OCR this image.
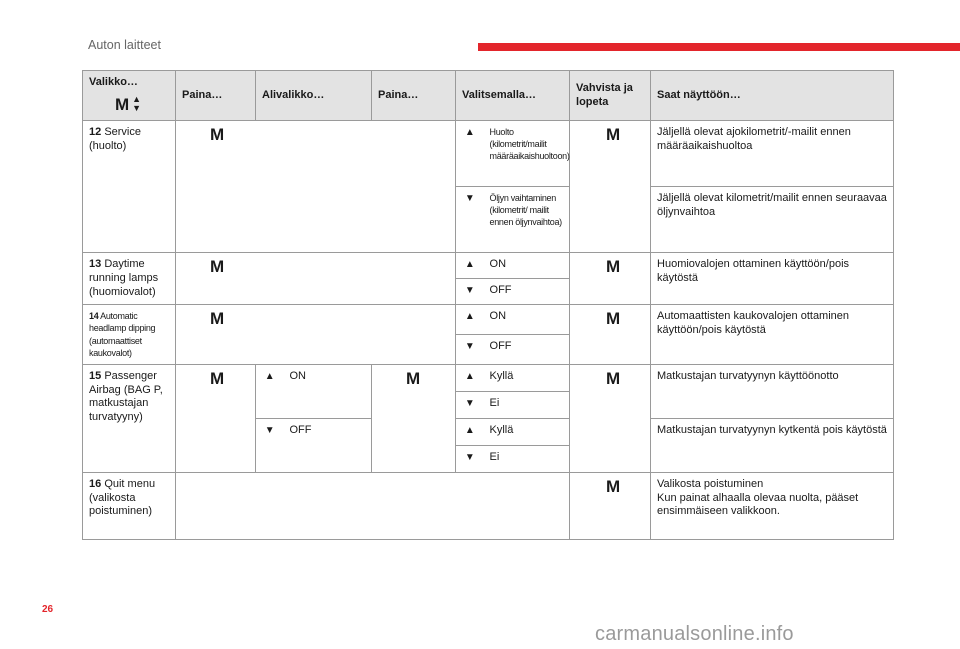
Auton laitteet
Valikko…
M ▲
▼	Paina…	Alivalikko…		Paina…	Valitsemalla…		Vahvista ja lopeta	Saat näyttöön…
12 Service (huolto)	M				▲	Huolto (kilometrit/mailit määräaikaishuoltoon)	M	Jäljellä olevat ajokilometrit/-mailit ennen määräaikaishuoltoa
					▼	Öljyn vaihtaminen (kilometrit/ mailit ennen öljynvaihtoa)		Jäljellä olevat kilometrit/mailit ennen seuraavaa öljynvaihtoa
13 Daytime running lamps (huomiovalot)	M				▲	ON	M	Huomiovalojen ottaminen käyttöön/pois käytöstä
					▼	OFF		

14 Automatic headlamp dipping (automaattiset kaukovalot)	M				▲	ON	M	Automaattisten kaukovalojen ottaminen käyttöön/pois käytöstä
					▼	OFF		
15 Passenger Airbag (BAG P, matkustajan turvatyyny)	M	▲	ON	M	▲	Kyllä	M	Matkustajan turvatyynyn käyttöönotto
					▼	Ei		
		▼	OFF		▲	Kyllä		Matkustajan turvatyynyn kytkentä pois käytöstä
					▼	Ei		
16 Quit menu (valikosta poistuminen)							M	Valikosta poistuminen
Kun painat alhaalla olevaa nuolta, pääset ensimmäiseen valikkoon.
26
carmanualsonline.info
